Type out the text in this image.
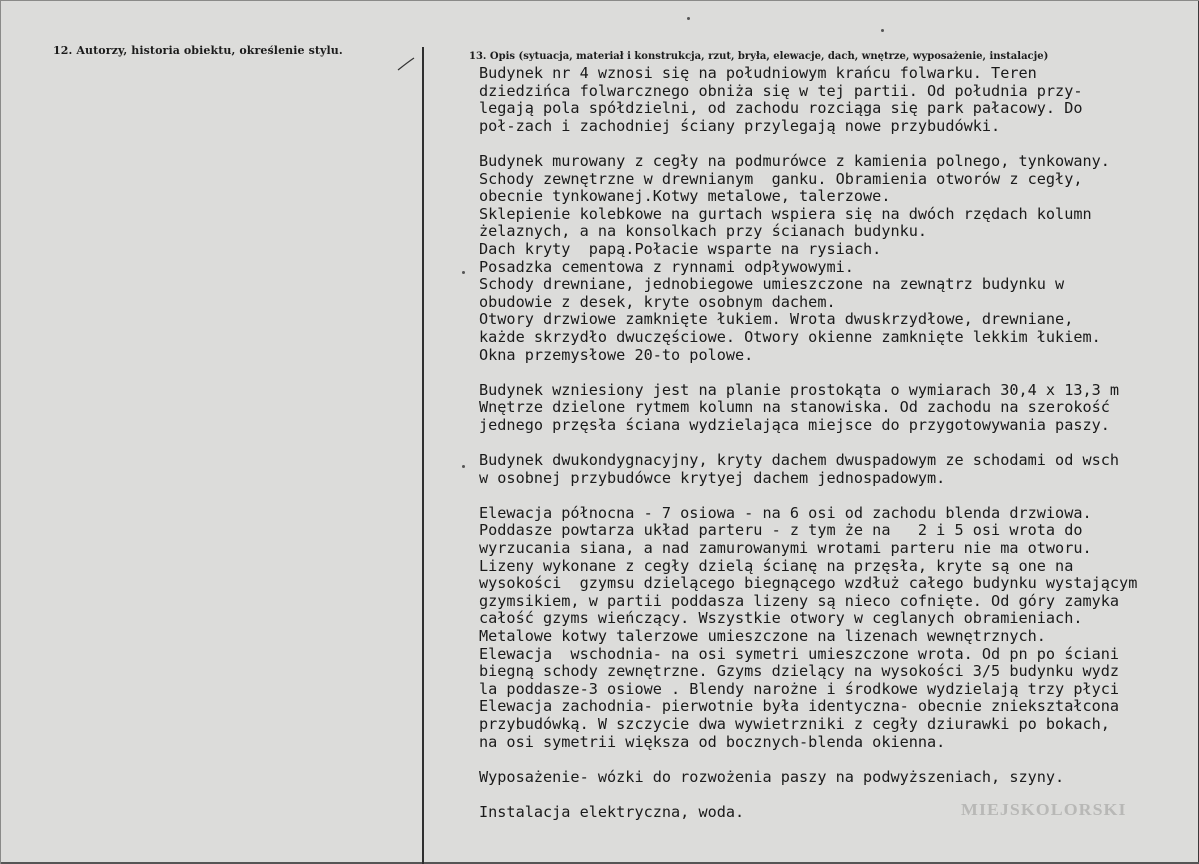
12. Autorzy, historia obiektu, określenie stylu.	13. Opis (sytuacja, materiał i konstrukcja, rzut, bryła, elewacje, dach, wnętrze, wyposażenie, instalacje)
Budynek nr 4 wznosi się na południowym krańcu folwarku. Teren
dziedzińca folwarcznego obniża się w tej partii. Od południa przy-
legają pola spółdzielni, od zachodu rozciąga się park pałacowy. Do
poł-zach i zachodniej ściany przylegają nowe przybudówki.
Budynek murowany z cegły na podmurówce z kamienia polnego, tynkowany.
Schody zewnętrzne w drewnianym  ganku. Obramienia otworów z cegły,
obecnie tynkowanej.Kotwy metalowe, talerzowe.
Sklepienie kolebkowe na gurtach wspiera się na dwóch rzędach kolumn
żelaznych, a na konsolkach przy ścianach budynku.
Dach kryty  papą.Połacie wsparte na rysiach.
Posadzka cementowa z rynnami odpływowymi.
Schody drewniane, jednobiegowe umieszczone na zewnątrz budynku w
obudowie z desek, kryte osobnym dachem.
Otwory drzwiowe zamknięte łukiem. Wrota dwuskrzydłowe, drewniane,
każde skrzydło dwuczęściowe. Otwory okienne zamknięte lekkim łukiem.
Okna przemysłowe 20-to polowe.
Budynek wzniesiony jest na planie prostokąta o wymiarach 30,4 x 13,3 m
Wnętrze dzielone rytmem kolumn na stanowiska. Od zachodu na szerokość
jednego przęsła ściana wydzielająca miejsce do przygotowywania paszy.
Budynek dwukondygnacyjny, kryty dachem dwuspadowym ze schodami od wsch
w osobnej przybudówce krytyej dachem jednospadowym.
Elewacja północna - 7 osiowa - na 6 osi od zachodu blenda drzwiowa.
Poddasze powtarza układ parteru - z tym że na   2 i 5 osi wrota do
wyrzucania siana, a nad zamurowanymi wrotami parteru nie ma otworu.
Lizeny wykonane z cegły dzielą ścianę na przęsła, kryte są one na
wysokości  gzymsu dzielącego biegnącego wzdłuż całego budynku wystającym
gzymsikiem, w partii poddasza lizeny są nieco cofnięte. Od góry zamyka
całość gzyms wieńczący. Wszystkie otwory w ceglanych obramieniach.
Metalowe kotwy talerzowe umieszczone na lizenach wewnętrznych.
Elewacja  wschodnia- na osi symetri umieszczone wrota. Od pn po ściani
biegną schody zewnętrzne. Gzyms dzielący na wysokości 3/5 budynku wydz
la poddasze-3 osiowe . Blendy narożne i środkowe wydzielają trzy płyci
Elewacja zachodnia- pierwotnie była identyczna- obecnie zniekształcona
przybudówką. W szczycie dwa wywietrzniki z cegły dziurawki po bokach,
na osi symetrii większa od bocznych-blenda okienna.
Wyposażenie- wózki do rozwożenia paszy na podwyższeniach, szyny.
Instalacja elektryczna, woda.	MIEJSKOLORSKI
